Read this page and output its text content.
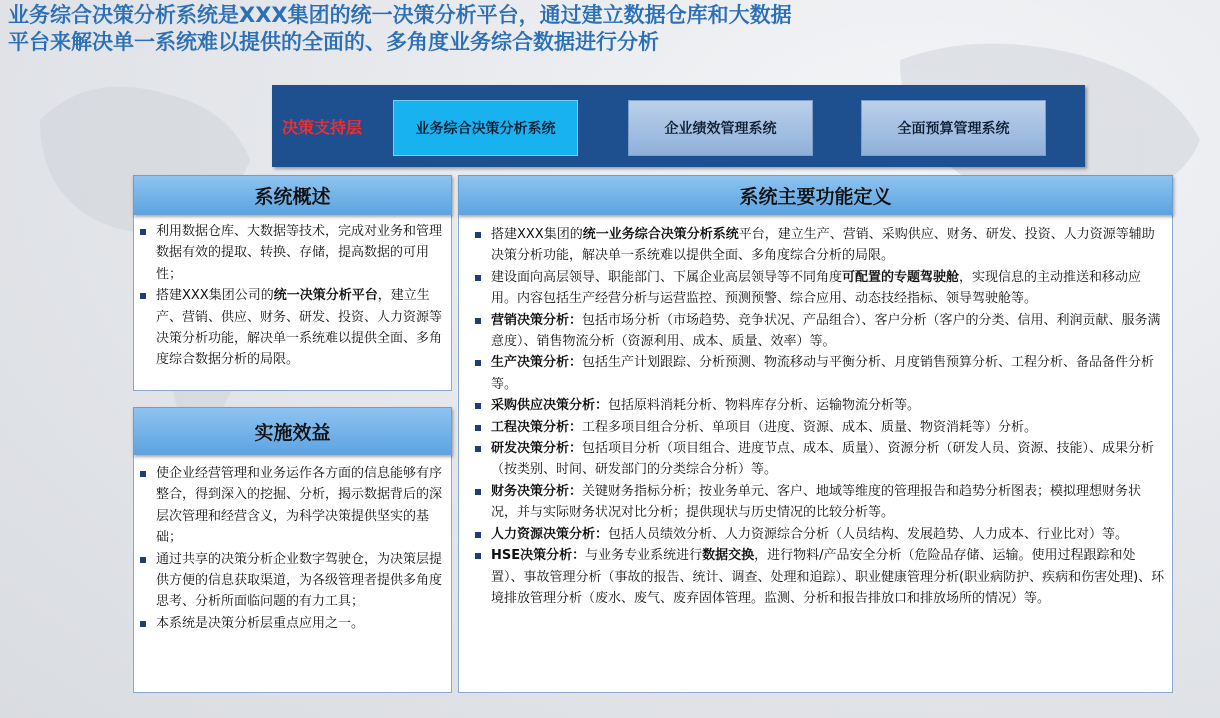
业务综合决策分析系统是XXX集团的统一决策分析平台，通过建立数据仓库和大数据
平台来解决单一系统难以提供的全面的、多角度业务综合数据进行分析
决策支持层	业务综合决策分析系统	企业绩效管理系统	全面预算管理系统
利用数据仓库、大数据等技术，完成对业务和管理数据有效的提取、转换、存储，提高数据的可用性；
搭建XXX集团公司的统一决策分析平台，建立生产、营销、供应、财务、研发、投资、人力资源等决策分析功能，解决单一系统难以提供全面、多角度综合数据分析的局限。
系统概述
使企业经营管理和业务运作各方面的信息能够有序整合，得到深入的挖掘、分析，揭示数据背后的深层次管理和经营含义，为科学决策提供坚实的基础；
通过共享的决策分析企业数字驾驶仓，为决策层提供方便的信息获取渠道，为各级管理者提供多角度思考、分析所面临问题的有力工具；
本系统是决策分析层重点应用之一。
实施效益
搭建XXX集团的统一业务综合决策分析系统平台，建立生产、营销、采购供应、财务、研发、投资、人力资源等辅助决策分析功能，解决单一系统难以提供全面、多角度综合分析的局限。
建设面向高层领导、职能部门、下属企业高层领导等不同角度可配置的专题驾驶舱，实现信息的主动推送和移动应用。内容包括生产经营分析与运营监控、预测预警、综合应用、动态技经指标、领导驾驶舱等。
营销决策分析：包括市场分析（市场趋势、竞争状况、产品组合）、客户分析（客户的分类、信用、利润贡献、服务满意度）、销售物流分析（资源利用、成本、质量、效率）等。
生产决策分析：包括生产计划跟踪、分析预测、物流移动与平衡分析、月度销售预算分析、工程分析、备品备件分析等。
采购供应决策分析：包括原料消耗分析、物料库存分析、运输物流分析等。
工程决策分析：工程多项目组合分析、单项目（进度、资源、成本、质量、物资消耗等）分析。
研发决策分析：包括项目分析（项目组合、进度节点、成本、质量）、资源分析（研发人员、资源、技能）、成果分析（按类别、时间、研发部门的分类综合分析）等。
财务决策分析：关键财务指标分析；按业务单元、客户、地域等维度的管理报告和趋势分析图表；模拟理想财务状况，并与实际财务状况对比分析；提供现状与历史情况的比较分析等。
人力资源决策分析：包括人员绩效分析、人力资源综合分析（人员结构、发展趋势、人力成本、行业比对）等。
HSE决策分析：与业务专业系统进行数据交换，进行物料/产品安全分析（危险品存储、运输。使用过程跟踪和处置）、事故管理分析（事故的报告、统计、调查、处理和追踪）、职业健康管理分析(职业病防护、疾病和伤害处理)、环境排放管理分析（废水、废气、废弃固体管理。监测、分析和报告排放口和排放场所的情况）等。
系统主要功能定义
